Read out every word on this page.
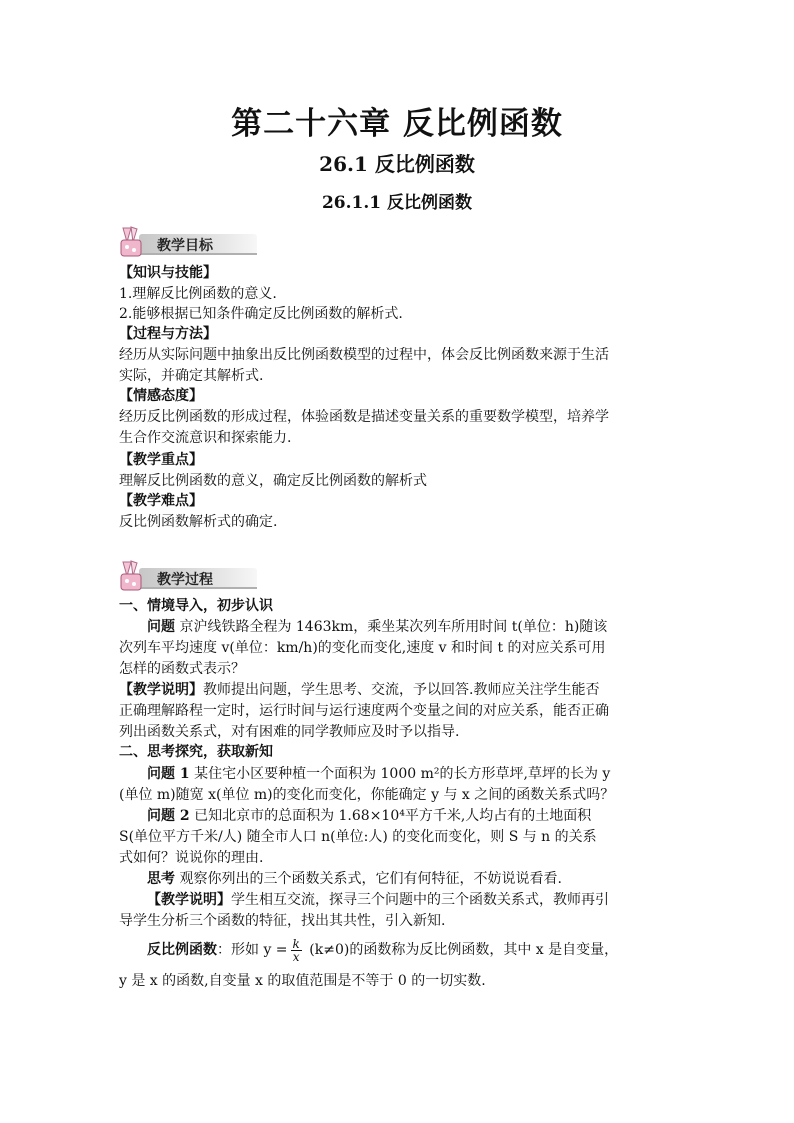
第二十六章 反比例函数
26.1 反比例函数
26.1.1 反比例函数
教学目标
【知识与技能】
1.理解反比例函数的意义.
2.能够根据已知条件确定反比例函数的解析式.
【过程与方法】
经历从实际问题中抽象出反比例函数模型的过程中，体会反比例函数来源于生活
实际，并确定其解析式.
【情感态度】
经历反比例函数的形成过程，体验函数是描述变量关系的重要数学模型，培养学
生合作交流意识和探索能力.
【教学重点】
理解反比例函数的意义，确定反比例函数的解析式
【教学难点】
反比例函数解析式的确定.
教学过程
一、情境导入，初步认识
问题 京沪线铁路全程为 1463km，乘坐某次列车所用时间 t(单位：h)随该
次列车平均速度 v(单位：km/h)的变化而变化,速度 v 和时间 t 的对应关系可用
怎样的函数式表示？
【教学说明】教师提出问题，学生思考、交流，予以回答.教师应关注学生能否
正确理解路程一定时，运行时间与运行速度两个变量之间的对应关系，能否正确
列出函数关系式，对有困难的同学教师应及时予以指导.
二、思考探究，获取新知
问题 1 某住宅小区要种植一个面积为 1000 m²的长方形草坪,草坪的长为 y
(单位 m)随宽 x(单位 m)的变化而变化，你能确定 y 与 x 之间的函数关系式吗？
问题 2 已知北京市的总面积为 1.68×10⁴平方千米,人均占有的土地面积
S(单位平方千米/人) 随全市人口 n(单位:人) 的变化而变化，则 S 与 n 的关系
式如何？说说你的理由.
思考 观察你列出的三个函数关系式，它们有何特征，不妨说说看看.
【教学说明】学生相互交流，探寻三个问题中的三个函数关系式，教师再引
导学生分析三个函数的特征，找出其共性，引入新知.
反比例函数：形如 $y = \frac{k}{x} (k\ne 0)$的函数称为反比例函数，其中 x 是自变量，
y 是 x 的函数,自变量 x 的取值范围是不等于 0 的一切实数.
